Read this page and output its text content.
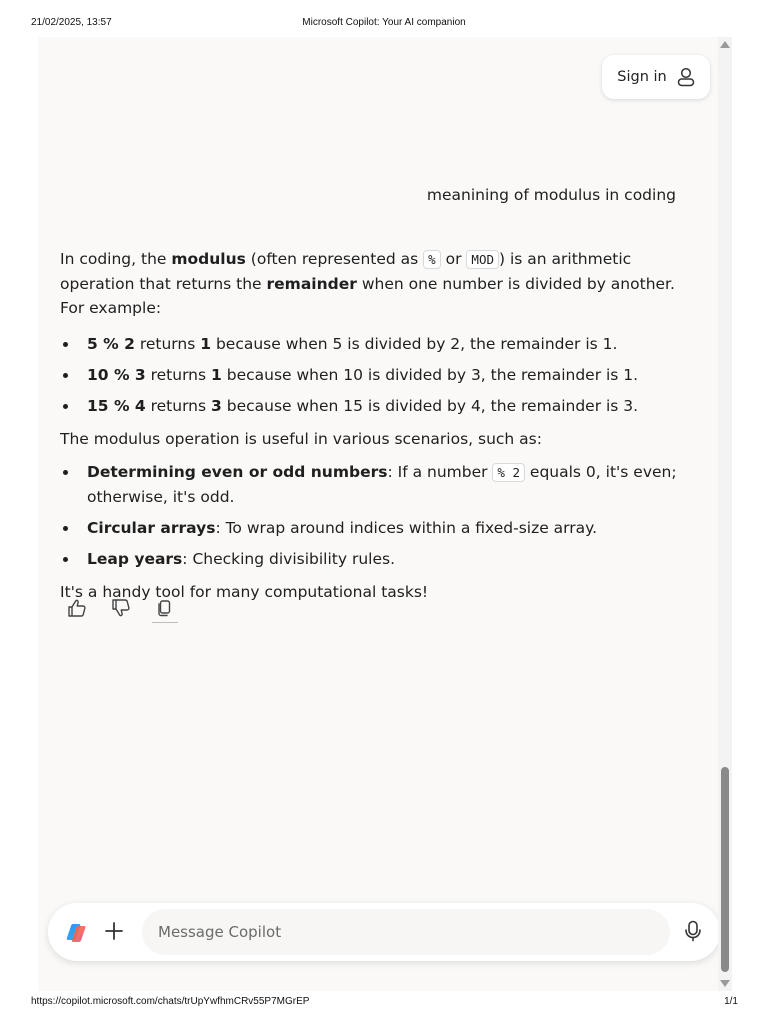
21/02/2025, 13:57	Microsoft Copilot: Your AI companion
Sign in
meanining of modulus in coding

In coding, the modulus (often represented as % or MOD ) is an arithmetic operation that returns the remainder when one number is divided by another. For example:

5 % 2 returns 1 because when 5 is divided by 2, the remainder is 1.
10 % 3 returns 1 because when 10 is divided by 3, the remainder is 1.
15 % 4 returns 3 because when 15 is divided by 4, the remainder is 3.

The modulus operation is useful in various scenarios, such as:

Determining even or odd numbers: If a number % 2 equals 0, it's even; otherwise, it's odd.
Circular arrays: To wrap around indices within a fixed-size array.
Leap years: Checking divisibility rules.

It's a handy tool for many computational tasks!

Message Copilot
https://copilot.microsoft.com/chats/trUpYwfhmCRv55P7MGrEP	1/1
